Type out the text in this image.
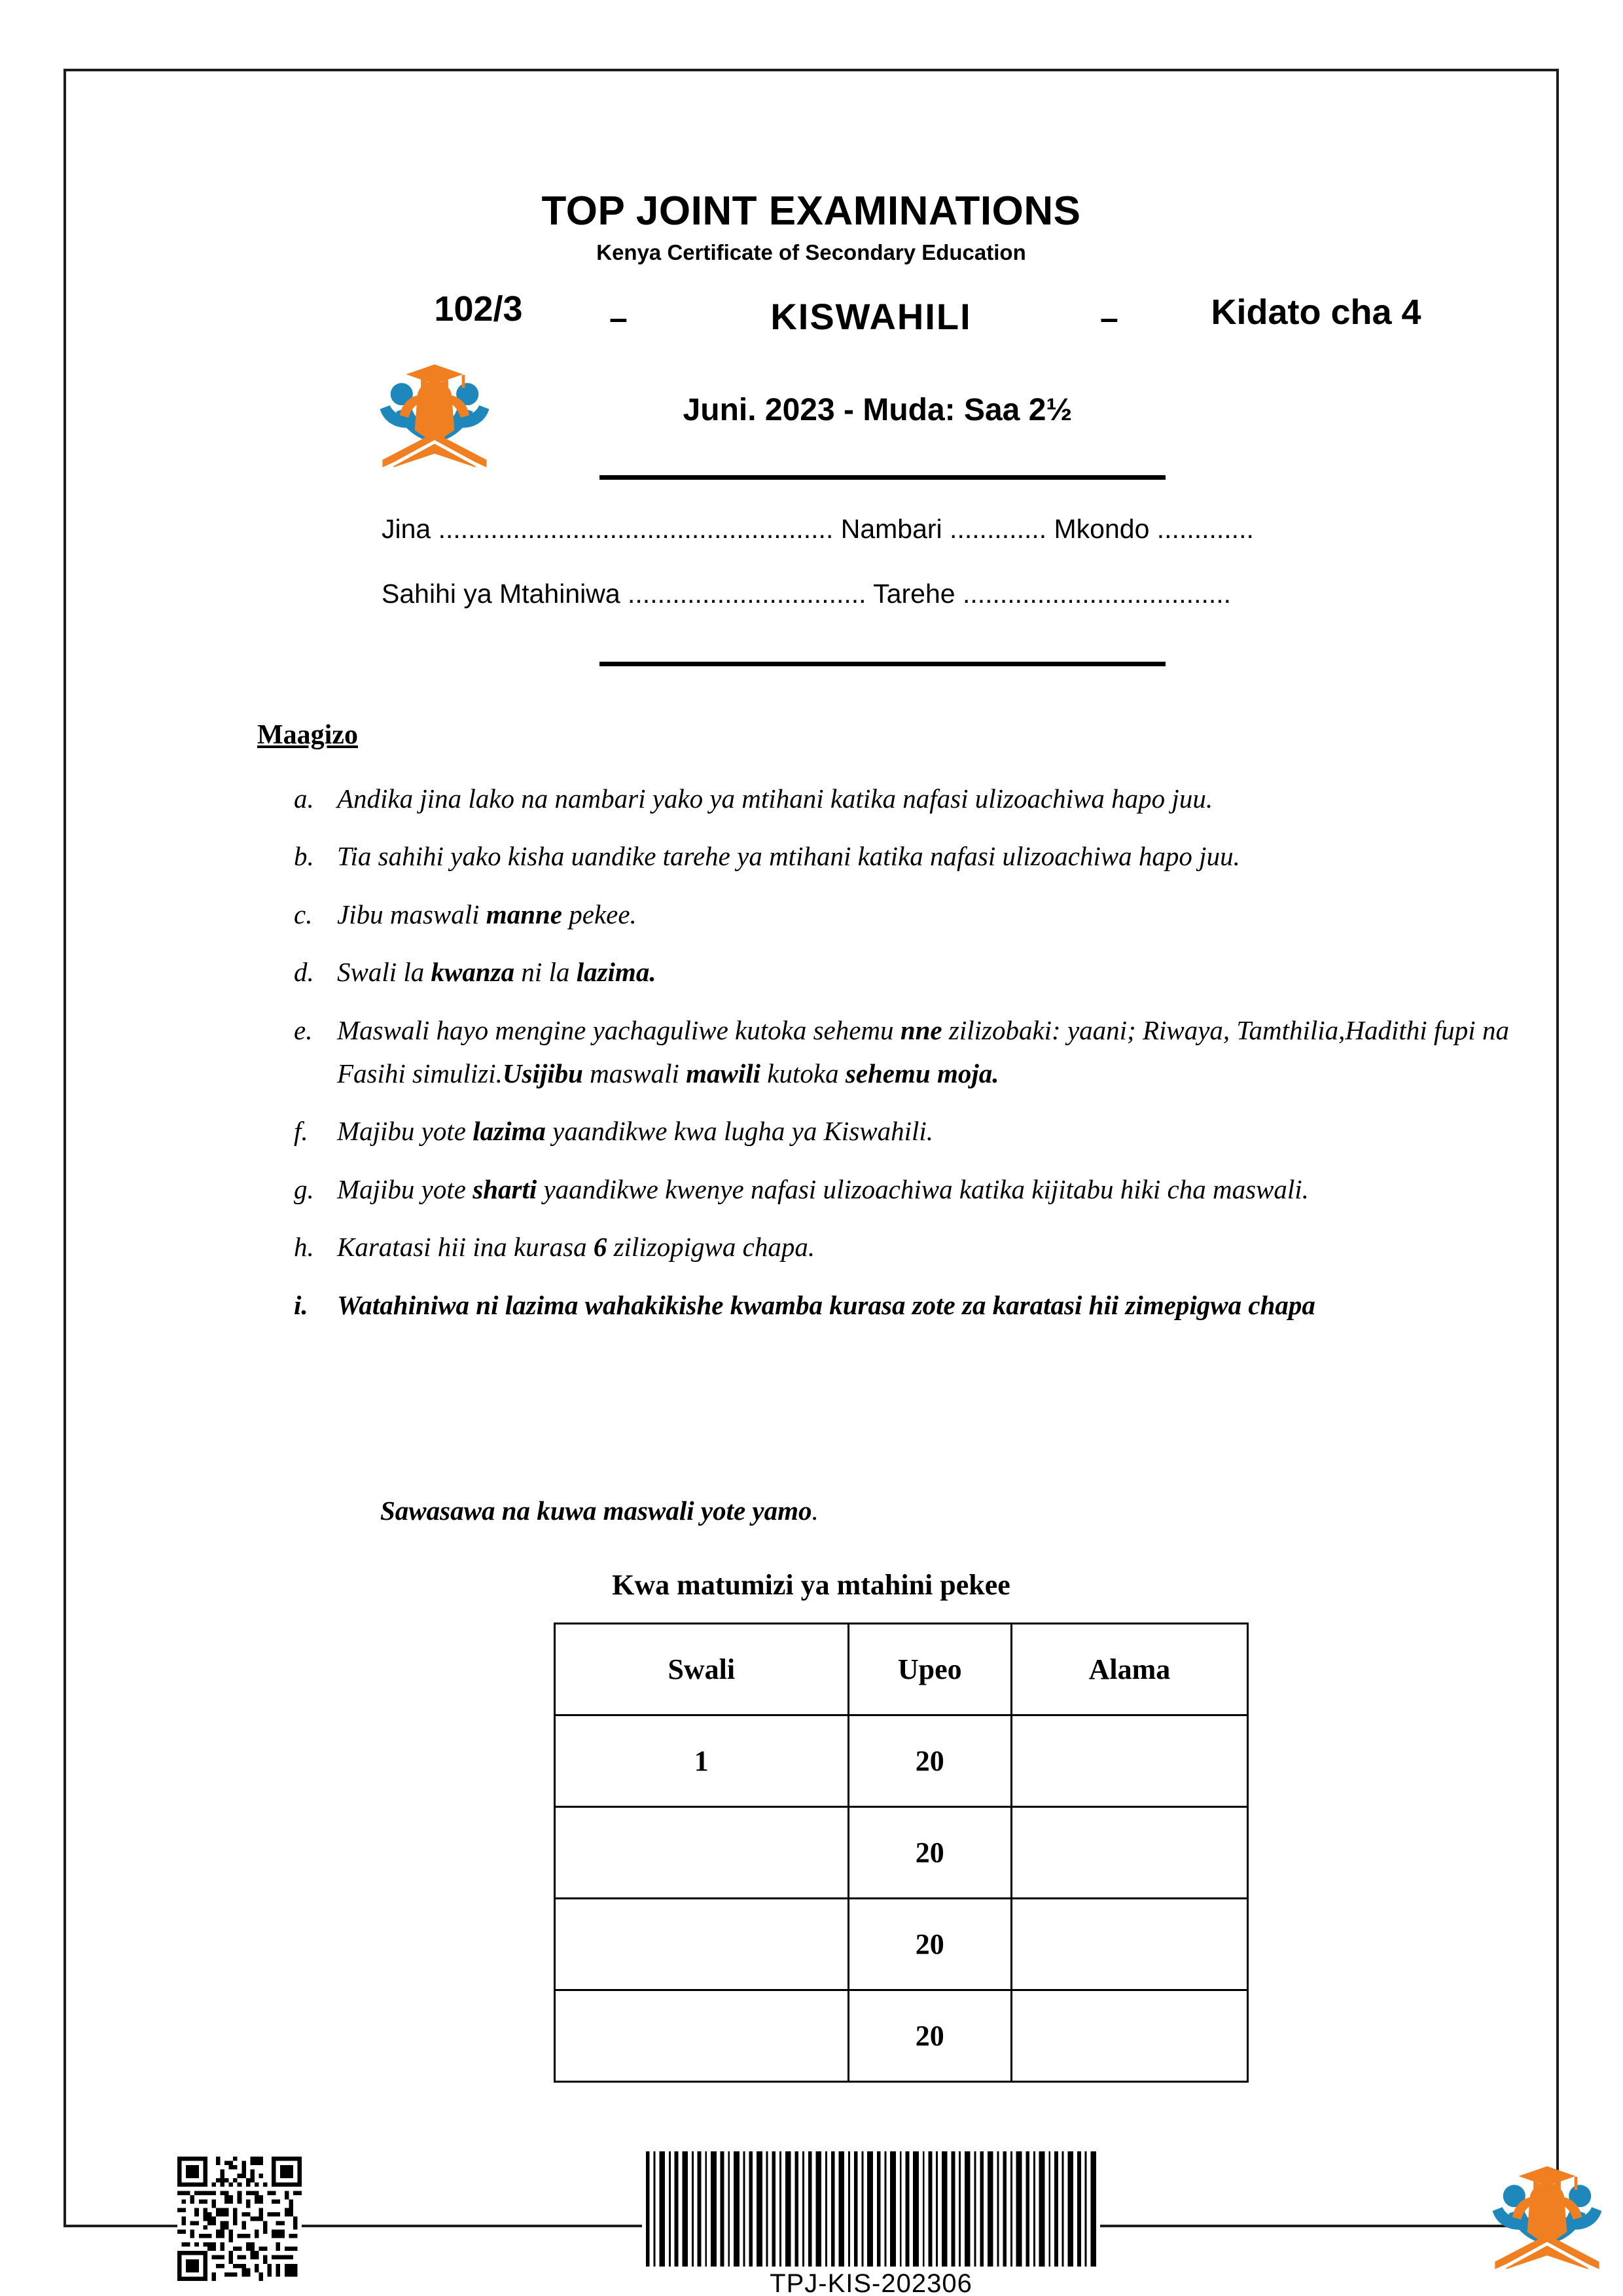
TOP JOINT EXAMINATIONS
Kenya Certificate of Secondary Education
102/3	–	KISWAHILI	–	Kidato cha 4
Juni. 2023 - Muda: Saa 2½
Jina ..................................................... Nambari ............. Mkondo .............
Sahihi ya Mtahiniwa ................................ Tarehe ....................................
Maagizo
a. Andika jina lako na nambari yako ya mtihani katika nafasi ulizoachiwa hapo juu.
b. Tia sahihi yako kisha uandike tarehe ya mtihani katika nafasi ulizoachiwa hapo juu.
c. Jibu maswali manne pekee.
d. Swali la kwanza ni la lazima.
e. Maswali hayo mengine yachaguliwe kutoka sehemu nne zilizobaki: yaani; Riwaya, Tamthilia,Hadithi fupi na Fasihi simulizi.Usijibu maswali mawili kutoka sehemu moja.
f.	Majibu yote lazima yaandikwe kwa lugha ya Kiswahili.
g. Majibu yote sharti yaandikwe kwenye nafasi ulizoachiwa katika kijitabu hiki cha maswali.
h. Karatasi hii ina kurasa 6 zilizopigwa chapa.
i.	Watahiniwa ni lazima wahakikishe kwamba kurasa zote za karatasi hii zimepigwa chapa
Sawasawa na kuwa maswali yote yamo.
Kwa matumizi ya mtahini pekee
Swali	Upeo	Alama
1	20	
	20	
	20	
	20	
TPJ-KIS-202306
